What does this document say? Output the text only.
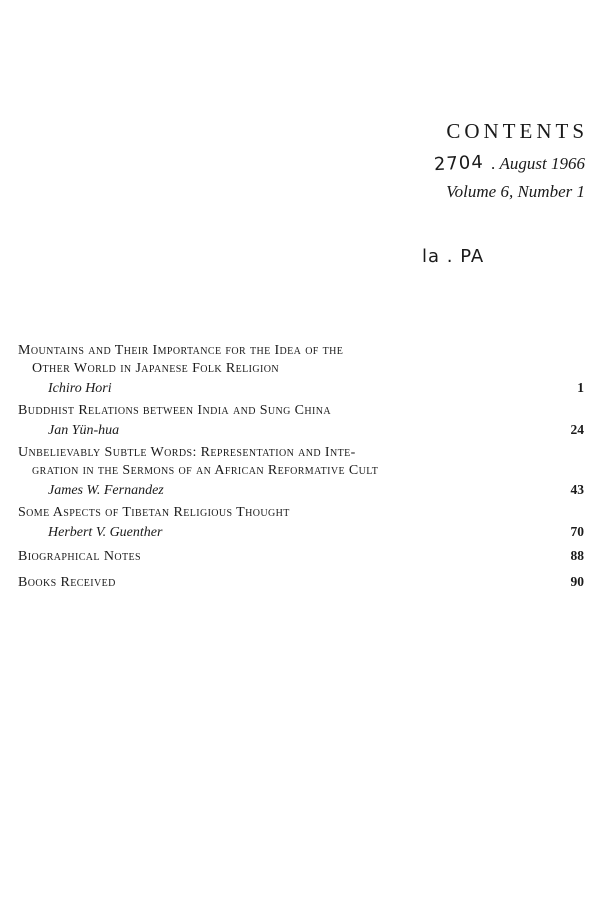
CONTENTS
2704 . August 1966
Volume 6, Number 1
la . PA
Mountains and Their Importance for the Idea of the
Other World in Japanese Folk Religion
Ichiro Hori	1
Buddhist Relations between India and Sung China
Jan Yün-hua	24
Unbelievably Subtle Words: Representation and Inte-
gration in the Sermons of an African Reformative Cult
James W. Fernandez	43
Some Aspects of Tibetan Religious Thought
Herbert V. Guenther	70
Biographical Notes	88
Books Received	90
